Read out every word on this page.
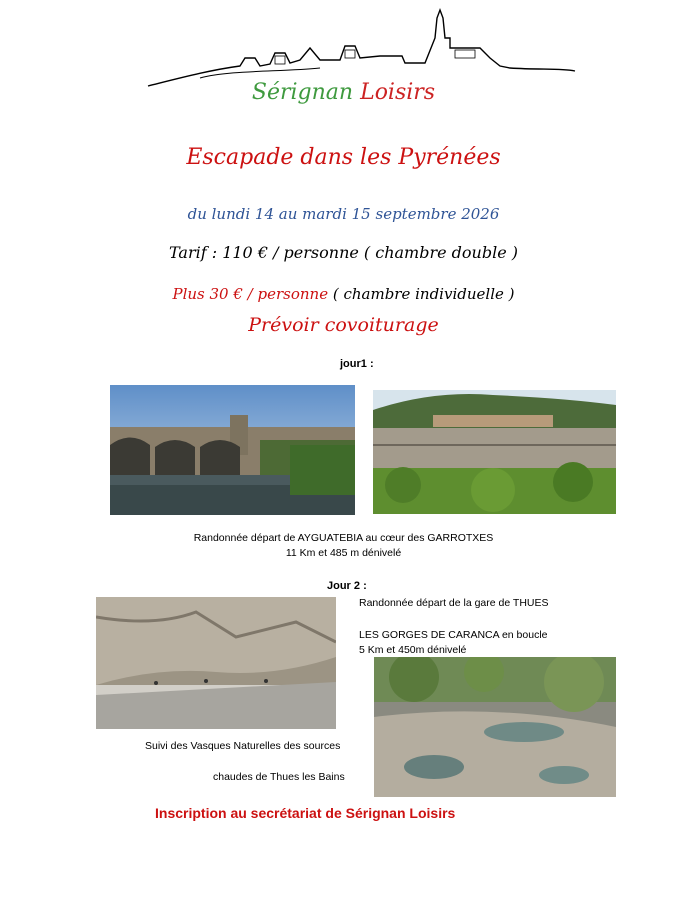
Sérignan Loisirs
Escapade dans les Pyrénées
du lundi 14 au mardi 15 septembre 2026
Tarif : 110 € / personne ( chambre double )
Plus 30 € / personne ( chambre individuelle )
Prévoir covoiturage
jour1 :
Randonnée départ de AYGUATEBIA au cœur des GARROTXES
11 Km et 485 m dénivelé
Jour 2 :
Randonnée départ de la gare de THUES
LES GORGES DE CARANCA en boucle
5 Km et 450m dénivelé
Suivi des Vasques Naturelles des sources
chaudes de Thues les Bains
Inscription au secrétariat de Sérignan Loisirs
